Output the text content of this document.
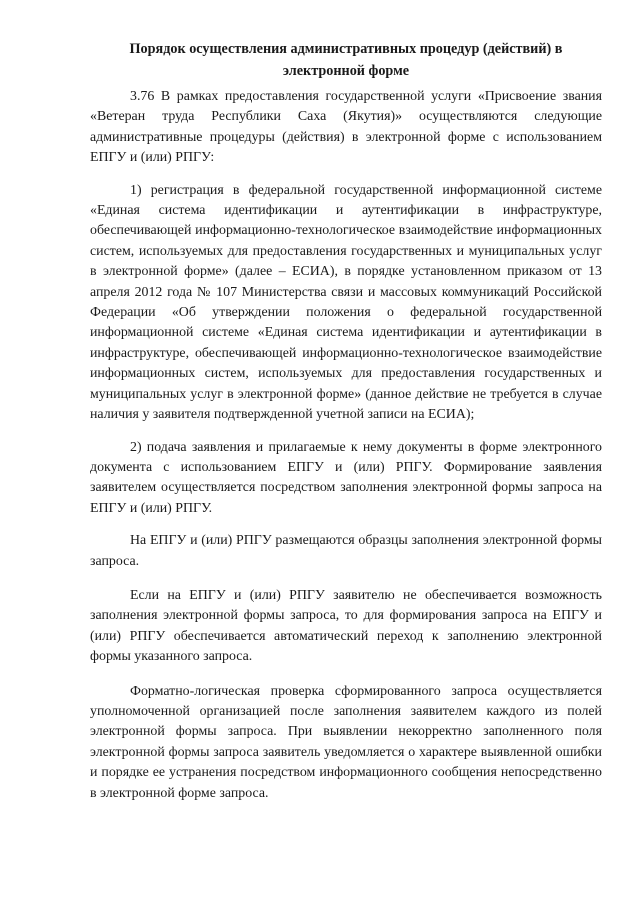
Порядок осуществления административных процедур (действий) в электронной форме

3.76 В рамках предоставления государственной услуги «Присвоение звания «Ветеран труда Республики Саха (Якутия)» осуществляются следующие административные процедуры (действия) в электронной форме с использованием ЕПГУ и (или) РПГУ:

1) регистрация в федеральной государственной информационной системе «Единая система идентификации и аутентификации в инфраструктуре, обеспечивающей информационно-технологическое взаимодействие информационных систем, используемых для предоставления государственных и муниципальных услуг в электронной форме» (далее – ЕСИА), в порядке установленном приказом от 13 апреля 2012 года № 107 Министерства связи и массовых коммуникаций Российской Федерации «Об утверждении положения о федеральной государственной информационной системе «Единая система идентификации и аутентификации в инфраструктуре, обеспечивающей информационно-технологическое взаимодействие информационных систем, используемых для предоставления государственных и муниципальных услуг в электронной форме» (данное действие не требуется в случае наличия у заявителя подтвержденной учетной записи на ЕСИА);

2) подача заявления и прилагаемые к нему документы в форме электронного документа с использованием ЕПГУ и (или) РПГУ. Формирование заявления заявителем осуществляется посредством заполнения электронной формы запроса на ЕПГУ и (или) РПГУ.

На ЕПГУ и (или) РПГУ размещаются образцы заполнения электронной формы запроса.

Если на ЕПГУ и (или) РПГУ заявителю не обеспечивается возможность заполнения электронной формы запроса, то для формирования запроса на ЕПГУ и (или) РПГУ обеспечивается автоматический переход к заполнению электронной формы указанного запроса.

Форматно-логическая проверка сформированного запроса осуществляется уполномоченной организацией после заполнения заявителем каждого из полей электронной формы запроса. При выявлении некорректно заполненного поля электронной формы запроса заявитель уведомляется о характере выявленной ошибки и порядке ее устранения посредством информационного сообщения непосредственно в электронной форме запроса.
